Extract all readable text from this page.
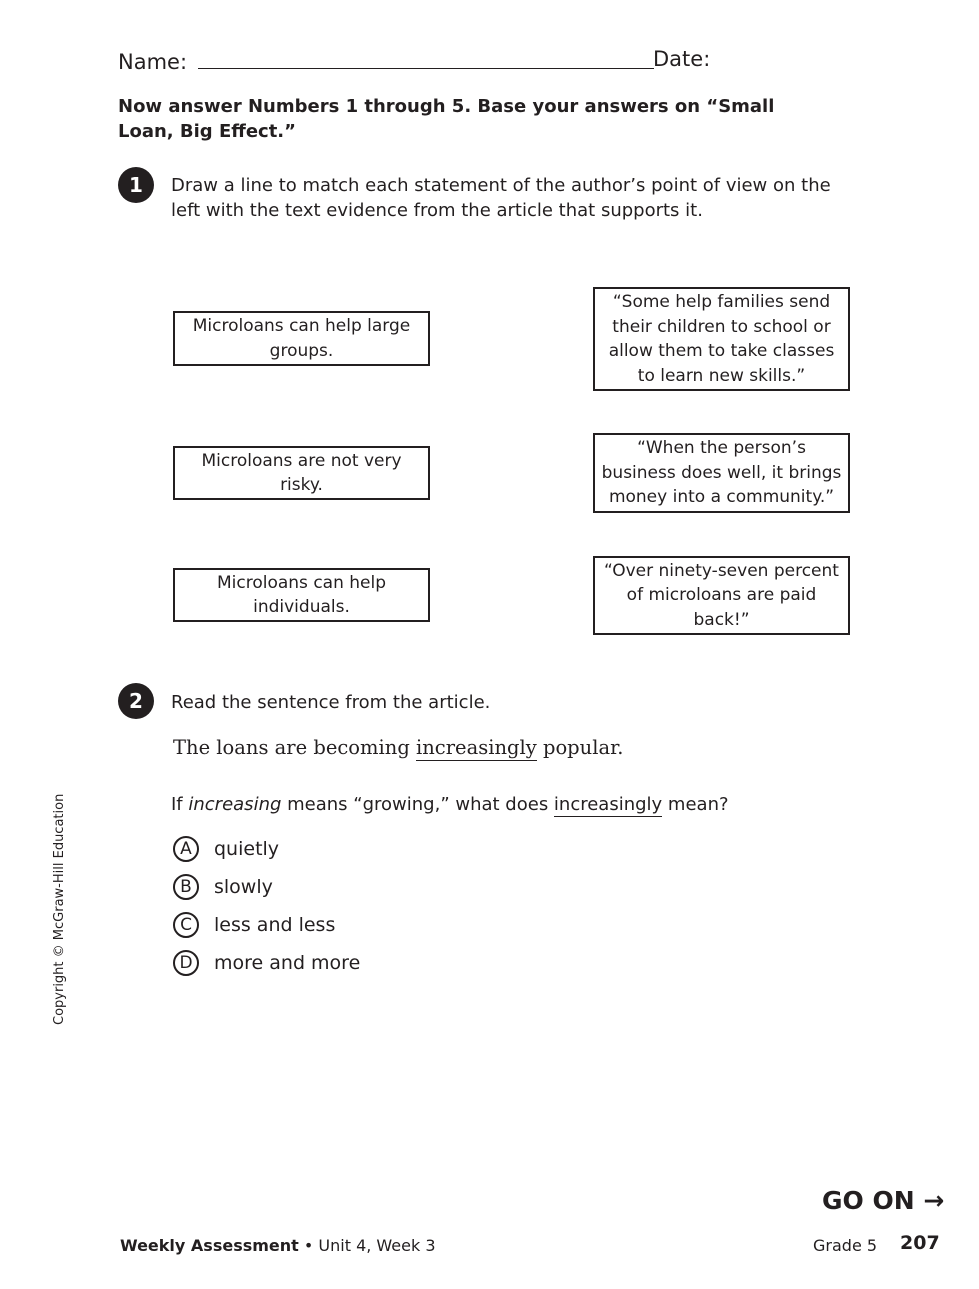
Name:	Date:
Now answer Numbers 1 through 5. Base your answers on “Small Loan, Big Effect.”
1	Draw a line to match each statement of the author’s point of view on the left with the text evidence from the article that supports it.
Microloans can help large groups.
Microloans are not very risky.
Microloans can help individuals.
“Some help families send their children to school or allow them to take classes to learn new skills.”
“When the person’s business does well, it brings money into a community.”
“Over ninety-seven percent of microloans are paid back!”
2	Read the sentence from the article.
The loans are becoming increasingly popular.
If increasing means “growing,” what does increasingly mean?
A	quietly
B	slowly
C	less and less
D	more and more
Copyright © McGraw-Hill Education
GO ON →
Weekly Assessment • Unit 4, Week 3	Grade 5 207
